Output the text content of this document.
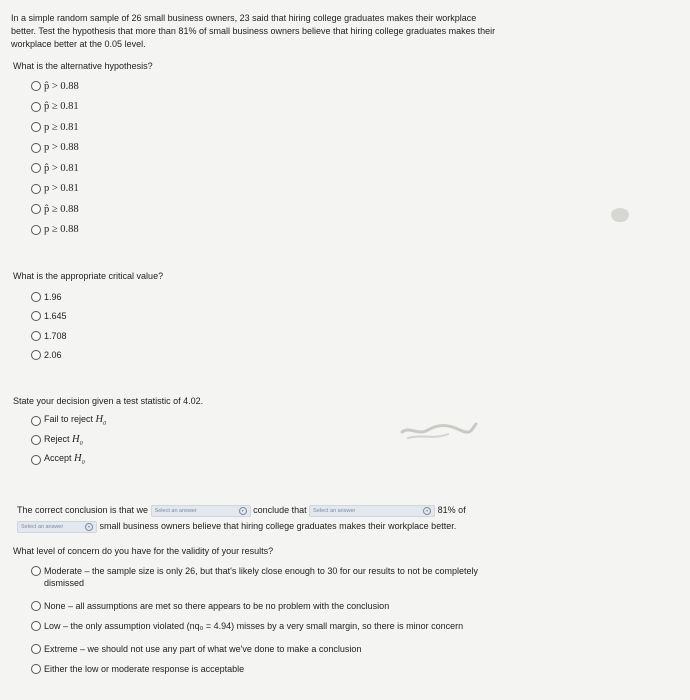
In a simple random sample of 26 small business owners, 23 said that hiring college graduates makes their workplace better. Test the hypothesis that more than 81% of small business owners believe that hiring college graduates makes their workplace better at the 0.05 level.
What is the alternative hypothesis?
p̂ > 0.88
p̂ ≥ 0.81
p ≥ 0.81
p > 0.88
p̂ > 0.81
p > 0.81
p̂ ≥ 0.88
p ≥ 0.88
What is the appropriate critical value?
1.96
1.645
1.708
2.06
State your decision given a test statistic of 4.02.
Fail to reject $H_0$
Reject $H_0$
Accept $H_0$
The correct conclusion is that we Select an answer	▾	conclude that Select an answer	▾	81% of

Select an answer	▾	small business owners believe that hiring college graduates makes their workplace better.
What level of concern do you have for the validity of your results?
Moderate – the sample size is only 26, but that's likely close enough to 30 for our results to not be completely dismissed
None – all assumptions are met so there appears to be no problem with the conclusion
Low – the only assumption violated (nq₀ = 4.94) misses by a very small margin, so there is minor concern
Extreme – we should not use any part of what we've done to make a conclusion
Either the low or moderate response is acceptable
